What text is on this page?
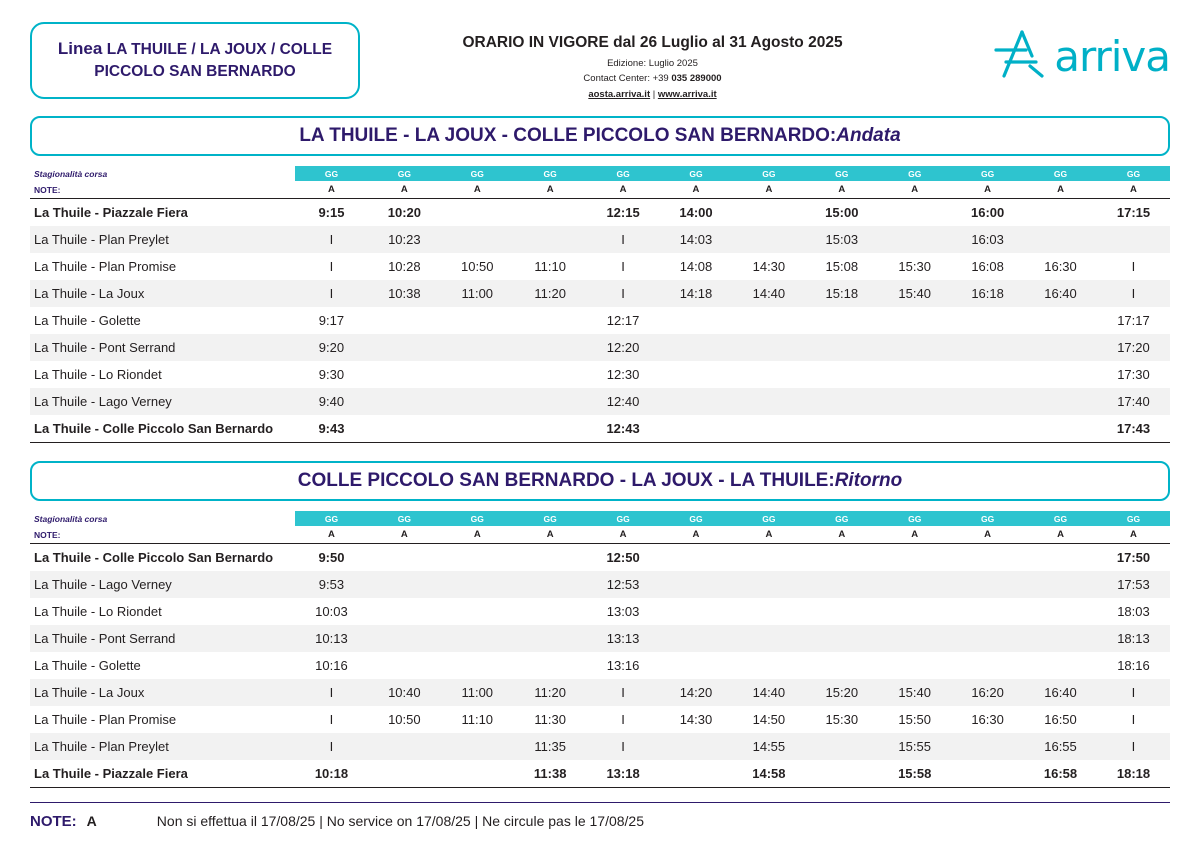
Linea LA THUILE / LA JOUX / COLLE PICCOLO SAN BERNARDO
ORARIO IN VIGORE dal 26 Luglio al 31 Agosto 2025
Edizione: Luglio 2025
Contact Center: +39 035 289000
aosta.arriva.it | www.arriva.it
arriva
LA THUILE - LA JOUX - COLLE PICCOLO SAN BERNARDO: Andata
Stagionalità corsa	GG	GG	GG	GG	GG	GG	GG	GG	GG	GG	GG	GG
NOTE:	A	A	A	A	A	A	A	A	A	A	A	A
La Thuile - Piazzale Fiera	9:15	10:20			12:15	14:00		15:00		16:00		17:15
La Thuile - Plan Preylet	I	10:23			I	14:03		15:03		16:03		
La Thuile - Plan Promise	I	10:28	10:50	11:10	I	14:08	14:30	15:08	15:30	16:08	16:30	I
La Thuile - La Joux	I	10:38	11:00	11:20	I	14:18	14:40	15:18	15:40	16:18	16:40	I
La Thuile - Golette	9:17				12:17							17:17
La Thuile - Pont Serrand	9:20				12:20							17:20
La Thuile - Lo Riondet	9:30				12:30							17:30
La Thuile - Lago Verney	9:40				12:40							17:40
La Thuile - Colle Piccolo San Bernardo	9:43				12:43							17:43
COLLE PICCOLO SAN BERNARDO - LA JOUX - LA THUILE: Ritorno
Stagionalità corsa	GG	GG	GG	GG	GG	GG	GG	GG	GG	GG	GG	GG
NOTE:	A	A	A	A	A	A	A	A	A	A	A	A
La Thuile - Colle Piccolo San Bernardo	9:50				12:50							17:50
La Thuile - Lago Verney	9:53				12:53							17:53
La Thuile - Lo Riondet	10:03				13:03							18:03
La Thuile - Pont Serrand	10:13				13:13							18:13
La Thuile - Golette	10:16				13:16							18:16
La Thuile - La Joux	I	10:40	11:00	11:20	I	14:20	14:40	15:20	15:40	16:20	16:40	I
La Thuile - Plan Promise	I	10:50	11:10	11:30	I	14:30	14:50	15:30	15:50	16:30	16:50	I
La Thuile - Plan Preylet	I			11:35	I		14:55		15:55		16:55	I
La Thuile - Piazzale Fiera	10:18			11:38	13:18		14:58		15:58		16:58	18:18
NOTE: A	Non si effettua il 17/08/25 | No service on 17/08/25 | Ne circule pas le 17/08/25
